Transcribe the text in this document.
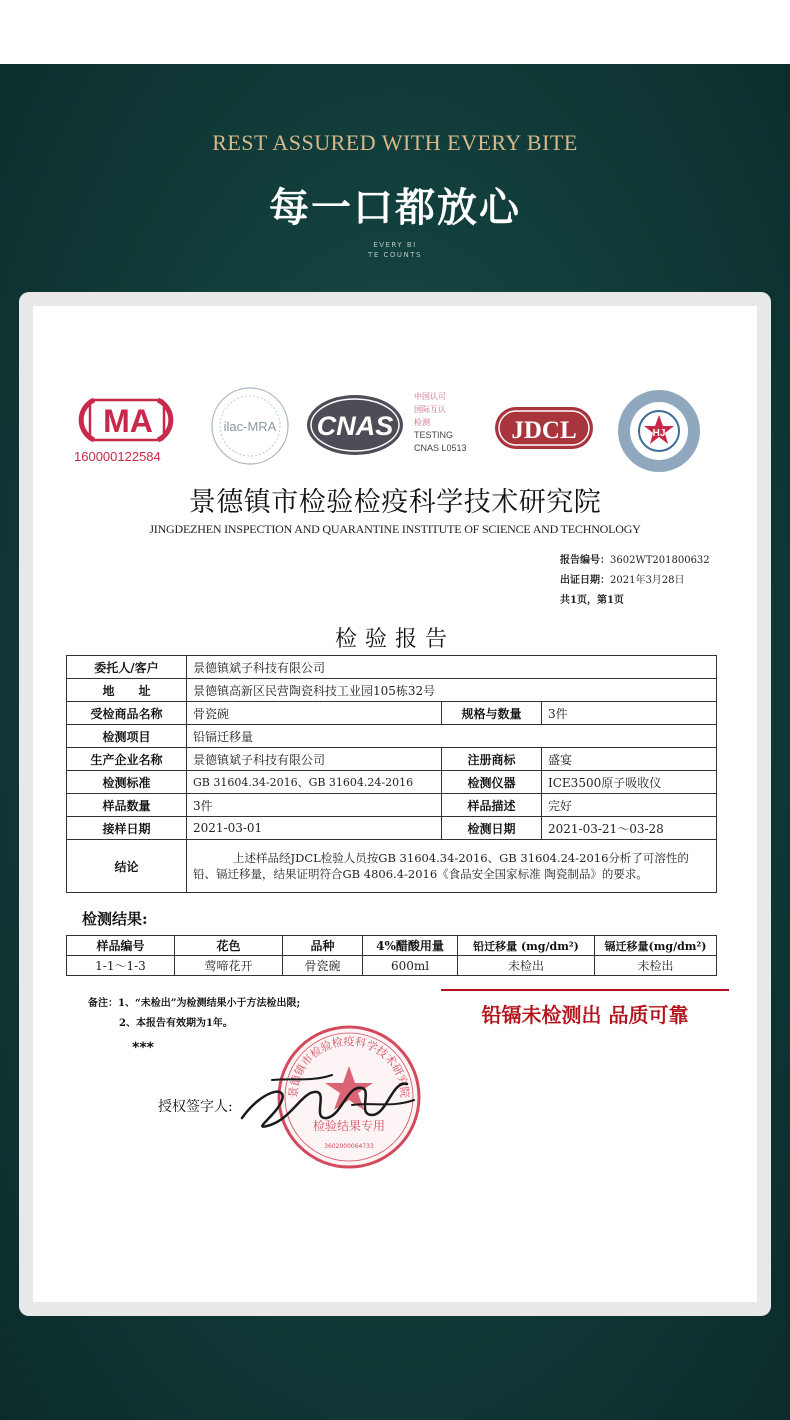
REST ASSURED WITH EVERY BITE
每一口都放心
EVERY BI
TE COUNTS
MA
160000122584
ilac-MRA CNAS
中国认可
国际互认
检测
TESTING
CNAS L0513
JDCL	HJ
景德镇市检验检疫科学技术研究院
JINGDEZHEN INSPECTION AND QUARANTINE INSTITUTE OF SCIENCE AND TECHNOLOGY
报告编号：3602WT201800632
出证日期：2021年3月28日
共1页，第1页
检验报告
委托人/客户	景德镇斌子科技有限公司		
地　　址	景德镇高新区民营陶瓷科技工业园105栋32号		
受检商品名称	骨瓷碗	规格与数量	3件
检测项目	铅镉迁移量		
生产企业名称	景德镇斌子科技有限公司	注册商标	盛宴
检测标准	GB 31604.34-2016、GB 31604.24-2016	检测仪器	ICE3500原子吸收仪
样品数量	3件	样品描述	完好
接样日期	2021-03-01	检测日期	2021-03-21～03-28
结论	上述样品经JDCL检验人员按GB 31604.34-2016、GB 31604.24-2016分析了可溶性的铅、镉迁移量，结果证明符合GB 4806.4-2016《食品安全国家标准 陶瓷制品》的要求。		
检测结果:
样品编号	花色	品种	4%醋酸用量	铅迁移量 (mg/dm²)	镉迁移量(mg/dm²)
1-1～1-3	莺啼花开	骨瓷碗	600ml	未检出	未检出
备注：1、“未检出”为检测结果小于方法检出限;
2、本报告有效期为1年。	铅镉未检测出 品质可靠
***
授权签字人:
景德镇市检验检疫科学技术研究院
检验结果专用
3602000064733
